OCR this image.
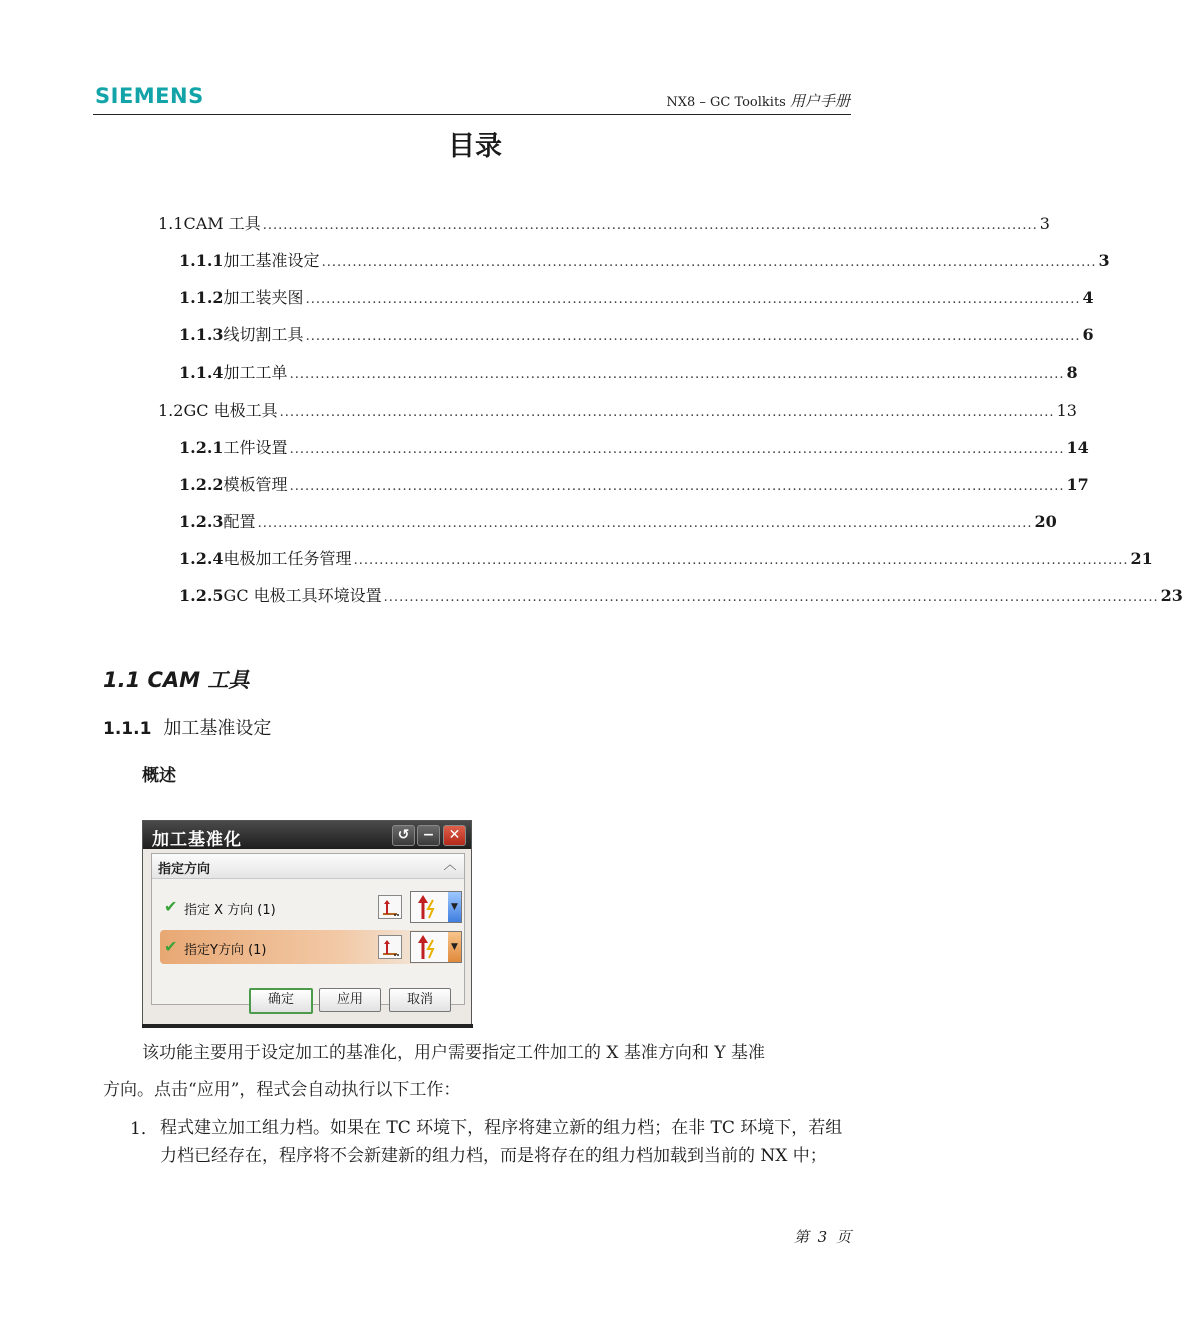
SIEMENS	NX8 – GC Toolkits 用户手册
目录
1.1 CAM 工具 ....................................................................................................................................................... 3
1.1.1 加工基准设定 ....................................................................................................................................................... 3
1.1.2 加工装夹图 ....................................................................................................................................................... 4
1.1.3 线切割工具 ....................................................................................................................................................... 6
1.1.4 加工工单 ....................................................................................................................................................... 8
1.2 GC 电极工具 ....................................................................................................................................................... 13
1.2.1 工件设置 ....................................................................................................................................................... 14
1.2.2 模板管理 ....................................................................................................................................................... 17
1.2.3 配置 ....................................................................................................................................................... 20
1.2.4 电极加工任务管理 ....................................................................................................................................................... 21
1.2.5 GC 电极工具环境设置 ....................................................................................................................................................... 23
1.1 CAM 工具
1.1.1 加工基准设定
概述
加工基准化	↺ −	✕
指定方向	︿
✔ 指定 X 方向 (1)	▼
✔ 指定Y方向 (1)	▼
确定	应用	取消
该功能主要用于设定加工的基准化，用户需要指定工件加工的 X 基准方向和 Y 基准
方向。点击“应用”，程式会自动执行以下工作：
1． 程式建立加工组力档。如果在 TC 环境下，程序将建立新的组力档；在非 TC 环境下，若组力档已经存在，程序将不会新建新的组力档，而是将存在的组力档加载到当前的 NX 中；
第 3 页
